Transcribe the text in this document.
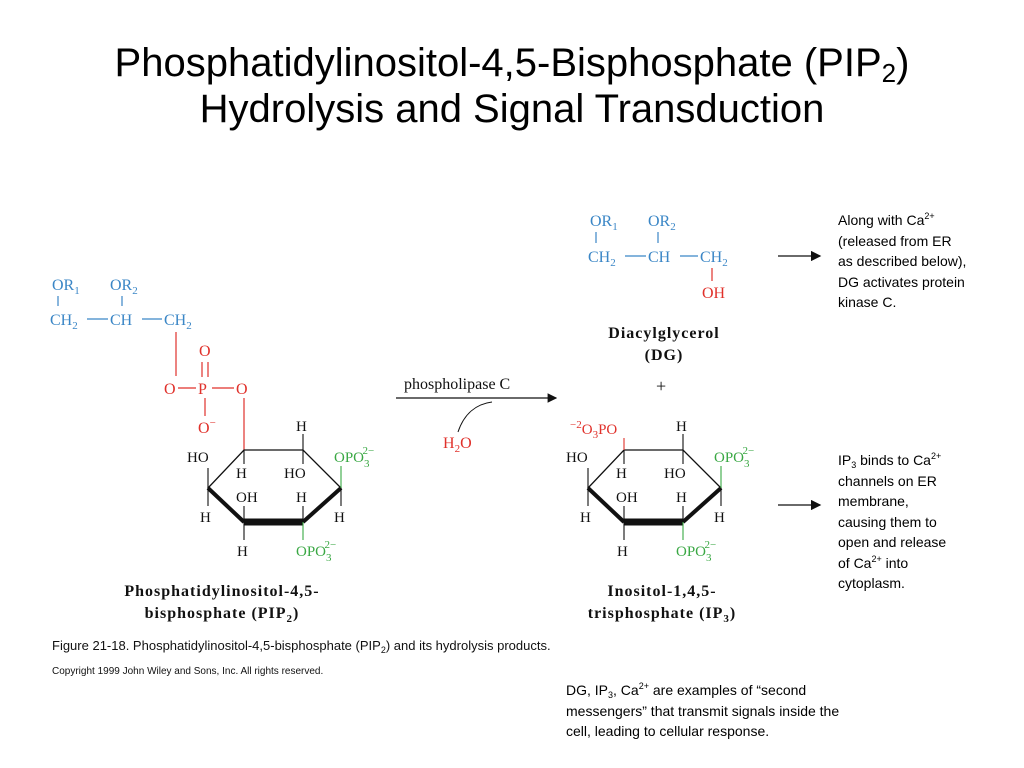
Phosphatidylinositol-4,5-Bisphosphate $(PIP_2)$
Hydrolysis and Signal Transduction
$OR_1$ $OR_2$
$CH_2$ CH $CH_2$
O
O P O
O−	H
HO
H HO
OH	H
H	H
H
$OPO_32-$
$OPO_32-$
Phosphatidylinositol-4,5-
bisphosphate $(PIP_2)$
phospholipase C
$H_2O$
$OR_1$ $OR_2$
$CH_2$ CH $CH_2$
OH
Diacylglycerol
(DG)
+
$^{-2}O_3PO$	H
HO
H HO
OH	H
H	H
H
$OPO_32-$
$OPO_32-$
Inositol-1,4,5-
trisphosphate $(IP_3)$
Figure 21-18. Phosphatidylinositol-4,5-bisphosphate $(PIP_2)$ and its hydrolysis products.
Copyright 1999 John Wiley and Sons, Inc. All rights reserved.
Along with $Ca^{2+}$
(released from ER
as described below),
DG activates protein
kinase C.
$IP_3$ binds to $Ca^{2+}$
channels on ER
membrane,
causing them to
open and release
of $Ca^{2+}$ into
cytoplasm.
DG, $IP_3$, $Ca^{2+}$ are examples of “second
messengers” that transmit signals inside the
cell, leading to cellular response.
